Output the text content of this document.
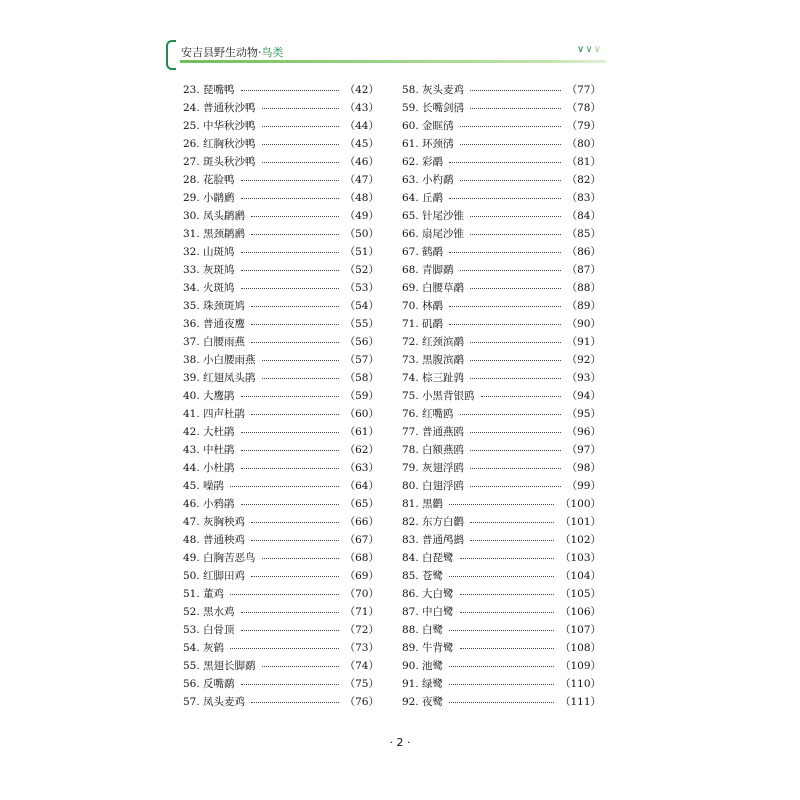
安吉县野生动物·鸟类	∨∨∨
23. 琵嘴鸭	（42）
24. 普通秋沙鸭	（43）
25. 中华秋沙鸭	（44）
26. 红胸秋沙鸭	（45）
27. 斑头秋沙鸭	（46）
28. 花脸鸭	（47）
29. 小䴙䴘	（48）
30. 凤头䴙䴘	（49）
31. 黑颈䴙䴘	（50）
32. 山斑鸠	（51）
33. 灰斑鸠	（52）
34. 火斑鸠	（53）
35. 珠颈斑鸠	（54）
36. 普通夜鹰	（55）
37. 白腰雨燕	（56）
38. 小白腰雨燕	（57）
39. 红翅凤头鹃	（58）
40. 大鹰鹃	（59）
41. 四声杜鹃	（60）
42. 大杜鹃	（61）
43. 中杜鹃	（62）
44. 小杜鹃	（63）
45. 噪鹃	（64）
46. 小鸦鹃	（65）
47. 灰胸秧鸡	（66）
48. 普通秧鸡	（67）
49. 白胸苦恶鸟	（68）
50. 红脚田鸡	（69）
51. 董鸡	（70）
52. 黑水鸡	（71）
53. 白骨顶	（72）
54. 灰鹤	（73）
55. 黑翅长脚鹬	（74）
56. 反嘴鹬	（75）
57. 凤头麦鸡	（76）
58. 灰头麦鸡	（77）
59. 长嘴剑鸻	（78）
60. 金眶鸻	（79）
61. 环颈鸻	（80）
62. 彩鹬	（81）
63. 小杓鹬	（82）
64. 丘鹬	（83）
65. 针尾沙锥	（84）
66. 扇尾沙锥	（85）
67. 鹤鹬	（86）
68. 青脚鹬	（87）
69. 白腰草鹬	（88）
70. 林鹬	（89）
71. 矶鹬	（90）
72. 红颈滨鹬	（91）
73. 黑腹滨鹬	（92）
74. 棕三趾鹑	（93）
75. 小黑背银鸥	（94）
76. 红嘴鸥	（95）
77. 普通燕鸥	（96）
78. 白额燕鸥	（97）
79. 灰翅浮鸥	（98）
80. 白翅浮鸥	（99）
81. 黑鹳	（100）
82. 东方白鹳	（101）
83. 普通鸬鹚	（102）
84. 白琵鹭	（103）
85. 苍鹭	（104）
86. 大白鹭	（105）
87. 中白鹭	（106）
88. 白鹭	（107）
89. 牛背鹭	（108）
90. 池鹭	（109）
91. 绿鹭	（110）
92. 夜鹭	（111）
· 2 ·
